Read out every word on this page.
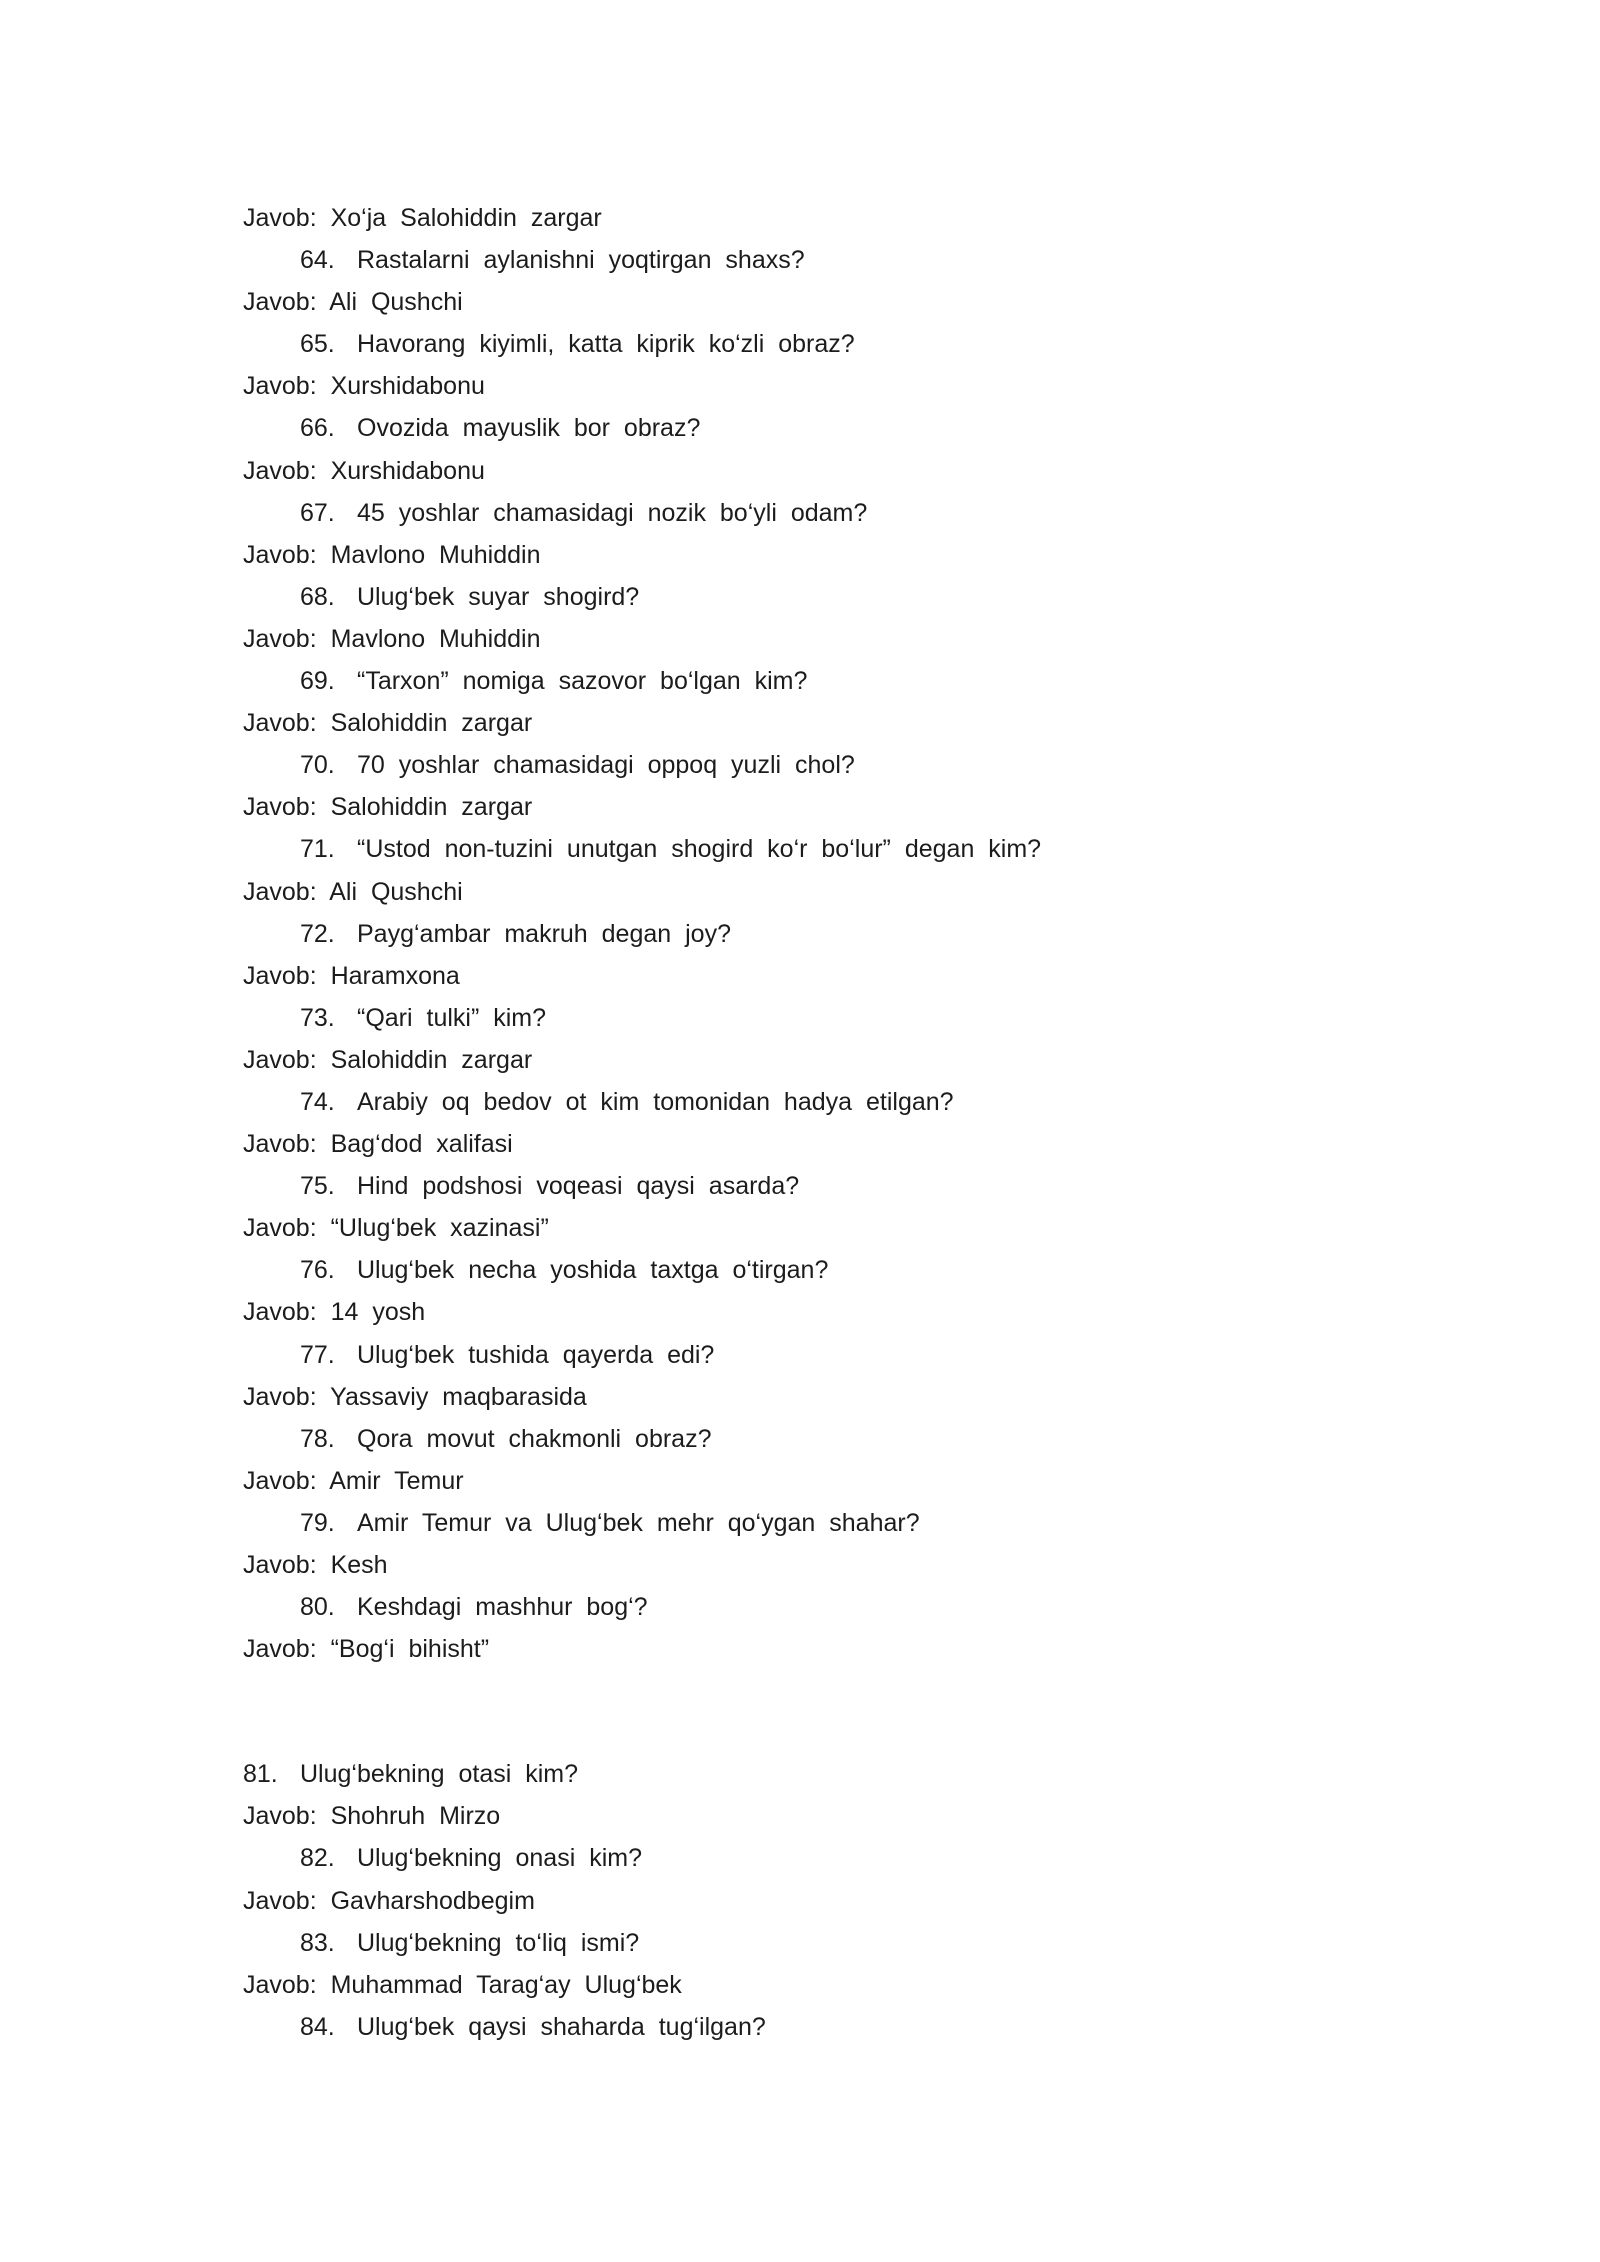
Javob: Xo‘ja Salohiddin zargar
64. Rastalarni aylanishni yoqtirgan shaxs?
Javob: Ali Qushchi
65. Havorang kiyimli, katta kiprik ko‘zli obraz?
Javob: Xurshidabonu
66. Ovozida mayuslik bor obraz?
Javob: Xurshidabonu
67. 45 yoshlar chamasidagi nozik bo‘yli odam?
Javob: Mavlono Muhiddin
68. Ulug‘bek suyar shogird?
Javob: Mavlono Muhiddin
69. “Tarxon” nomiga sazovor bo‘lgan kim?
Javob: Salohiddin zargar
70. 70 yoshlar chamasidagi oppoq yuzli chol?
Javob: Salohiddin zargar
71. “Ustod non-tuzini unutgan shogird ko‘r bo‘lur” degan kim?
Javob: Ali Qushchi
72. Payg‘ambar makruh degan joy?
Javob: Haramxona
73. “Qari tulki” kim?
Javob: Salohiddin zargar
74. Arabiy oq bedov ot kim tomonidan hadya etilgan?
Javob: Bag‘dod xalifasi
75. Hind podshosi voqeasi qaysi asarda?
Javob: “Ulug‘bek xazinasi”
76. Ulug‘bek necha yoshida taxtga o‘tirgan?
Javob: 14 yosh
77. Ulug‘bek tushida qayerda edi?
Javob: Yassaviy maqbarasida
78. Qora movut chakmonli obraz?
Javob: Amir Temur
79. Amir Temur va Ulug‘bek mehr qo‘ygan shahar?
Javob: Kesh
80. Keshdagi mashhur bog‘?
Javob: “Bog‘i bihisht”
81. Ulug‘bekning otasi kim?
Javob: Shohruh Mirzo
82. Ulug‘bekning onasi kim?
Javob: Gavharshodbegim
83. Ulug‘bekning to‘liq ismi?
Javob: Muhammad Tarag‘ay Ulug‘bek
84. Ulug‘bek qaysi shaharda tug‘ilgan?
